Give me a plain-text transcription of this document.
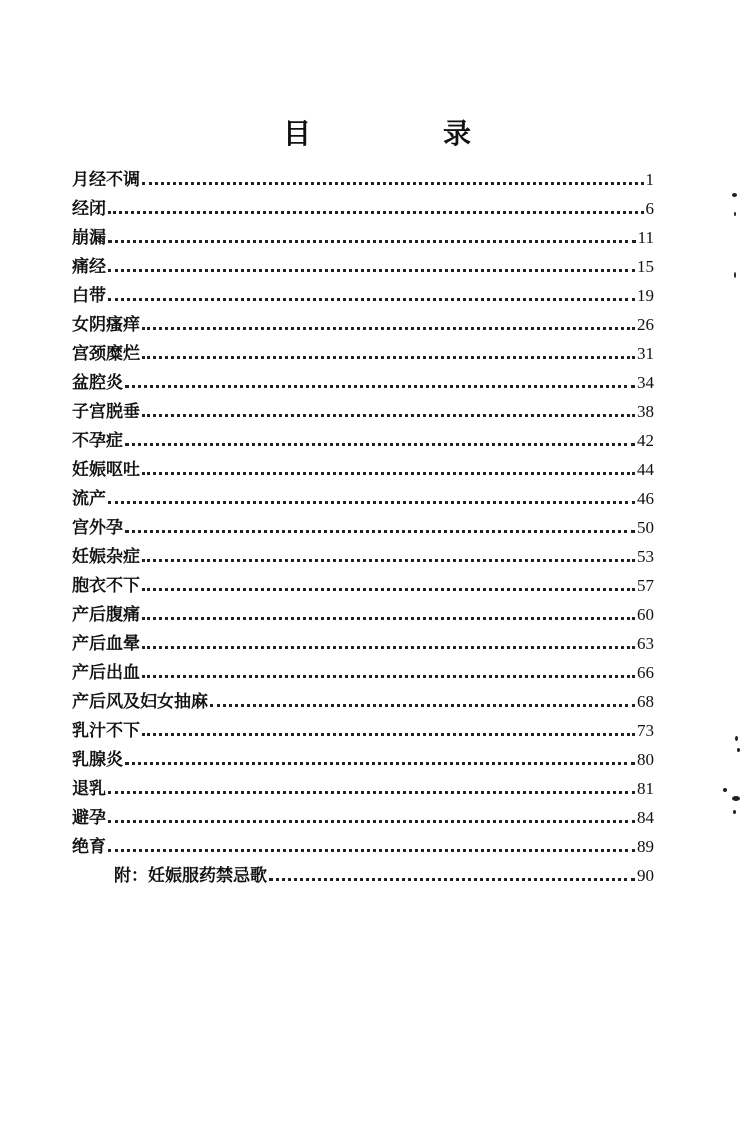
目　录
月经不调	1
经闭	6
崩漏	11
痛经	15
白带	19
女阴瘙痒	26
宫颈糜烂	31
盆腔炎	34
子宫脱垂	38
不孕症	42
妊娠呕吐	44
流产	46
宫外孕	50
妊娠杂症	53
胞衣不下	57
产后腹痛	60
产后血晕	63
产后出血	66
产后风及妇女抽麻	68
乳汁不下	73
乳腺炎	80
退乳	81
避孕	84
绝育	89
附：妊娠服药禁忌歌	90
